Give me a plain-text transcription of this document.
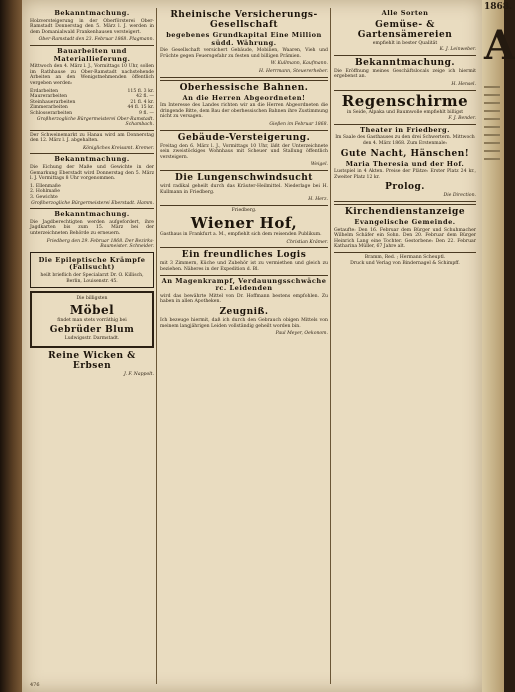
1868.
A
Bekanntmachung.

Holzversteigerung in der Oberförsterei Ober-Ramstadt Donnerstag den 5. März l. J. werden in dem Domanialwald Frankenhausen versteigert.

Ober-Ramstadt den 23. Februar 1868. Plagmann.

Bauarbeiten und Materiallieferung.

Mittwoch den 4. März l. J., Vormittags 10 Uhr, sollen im Rathhause zu Ober-Ramstadt nachstehende Arbeiten an den Wenigstnehmenden öffentlich vergeben werden:

Erdarbeiten	115 fl. 3 kr.
Maurerarbeiten	42 fl. —
Steinhauerarbeiten	21 fl. 4 kr.
Zimmerarbeiten	44 fl. 15 kr.
Schlosserarbeiten	9 fl. —

Großherzogliche Bürgermeisterei Ober-Ramstadt. Schambach.

Der Schweinemarkt zu Hanau wird am Donnerstag den 12. März l. J. abgehalten.

Königliches Kreisamt. Kremer.

Bekanntmachung.

Die Eichung der Maße und Gewichte in der Gemarkung Eberstadt wird Donnerstag den 5. März l. J. Vormittags 8 Uhr vorgenommen.

1. Ellenmaße
2. Hohlmaße
3. Gewichte

Großherzogliche Bürgermeisterei Eberstadt. Hamm.

Bekanntmachung.

Die Jagdberechtigten werden aufgefordert, ihre Jagdkarten bis zum 15. März bei der unterzeichneten Behörde zu erneuern.

Friedberg den 29. Februar 1868. Der Bezirks-Baumeister. Schneider.

Die Epileptische Krämpfe (Fallsucht)

heilt brieflich der Specialarzt Dr. O. Killisch, Berlin, Louisenstr. 45.

Die billigsten

Möbel

findet man stets vorräthig bei

Gebrüder Blum

Ludwigsstr. Darmstadt.

Reine Wicken & Erbsen

J. F. Nappolt.

Rheinische Versicherungs-Gesellschaft
begebenes Grundkapital Eine Million südd. Währung.

Die Gesellschaft versichert Gebäude, Mobilien, Waaren, Vieh und Früchte gegen Feuersgefahr zu festen und billigen Prämien.

W. Kullmann, Kaufmann.

H. Herrmann, Steuererheber.

Oberhessische Bahnen.
An die Herren Abgeordneten!

Im Interesse des Landes richten wir an die Herren Abgeordneten die dringende Bitte, dem Bau der oberhessischen Bahnen ihre Zustimmung nicht zu versagen.

Gießen im Februar 1868.

Gebäude-Versteigerung.

Freitag den 6. März l. J., Vormittags 10 Uhr, läßt der Unterzeichnete sein zweistöckiges Wohnhaus mit Scheuer und Stallung öffentlich versteigern.

Weigel.

Die Lungenschwindsucht

wird radikal geheilt durch das Kräuter-Heilmittel. Niederlage bei H. Kullmann in Friedberg.

H. Herz.

Friedberg.

Wiener Hof,

Gasthaus in Frankfurt a. M., empfiehlt sich dem reisenden Publikum.

Christian Krämer.

Ein freundliches Logis

mit 3 Zimmern, Küche und Zubehör ist zu vermiethen und gleich zu beziehen. Näheres in der Expedition d. Bl.

An Magenkrampf, Verdauungsschwäche rc. Leidenden

wird das bewährte Mittel von Dr. Hoffmann bestens empfohlen. Zu haben in allen Apotheken.

Zeugniß.

Ich bezeuge hiermit, daß ich durch den Gebrauch obigen Mittels von meinem langjährigen Leiden vollständig geheilt worden bin.

Paul Meyer, Oekonom.

Alle Sorten
Gemüse- & Gartensämereien

empfiehlt in bester Qualität

K. J. Leinweber.

Bekanntmachung.

Die Eröffnung meines Geschäftslocals zeige ich hiermit ergebenst an.

H. Hensel.

Regenschirme

in Seide, Alpaka und Baumwolle empfiehlt billigst

F. J. Bender.

Theater in Friedberg.

Im Saale des Gasthauses zu den drei Schwertern. Mittwoch den 4. März 1868. Zum Erstenmale:

Gute Nacht, Hänschen!
Maria Theresia und der Hof.

Lustspiel in 4 Akten. Preise der Plätze: Erster Platz 24 kr., Zweiter Platz 12 kr.

Prolog.

Die Direction.

Kirchendienstanzeige
Evangelische Gemeinde.

Getaufte: Den 16. Februar dem Bürger und Schuhmacher Wilhelm Schäfer ein Sohn. Den 20. Februar dem Bürger Heinrich Lang eine Tochter. Gestorbene: Den 22. Februar Katharina Müller, 67 Jahre alt.

Bramm, Red. ; Hermann Scheuptl.

Druck und Verlag von Bindernagel & Schimpff.

476
